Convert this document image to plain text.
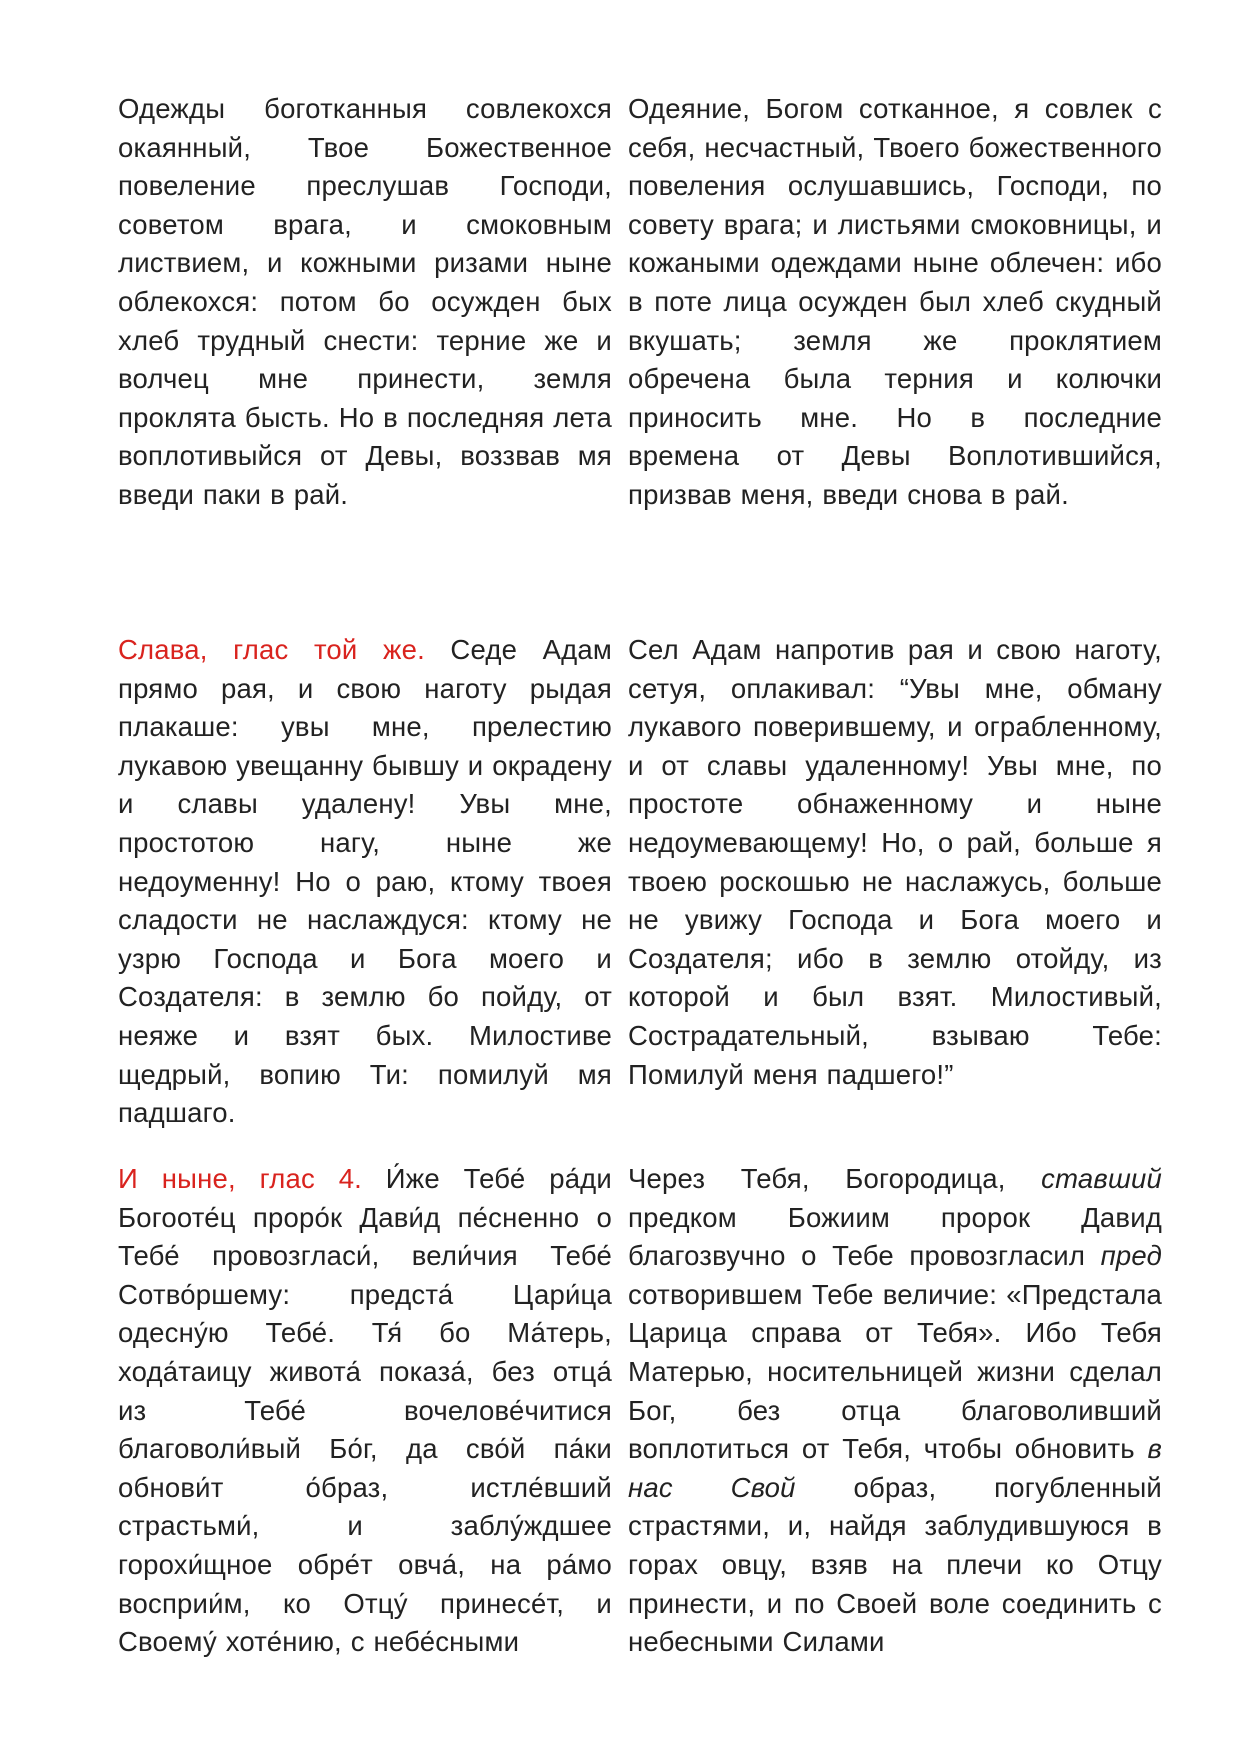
Одежды боготканныя совлекохся окаянный, Твое Божественное повеление преслушав Господи, советом врага, и смоковным листвием, и кожными ризами ныне облекохся: потом бо осужден бых хлеб трудный снести: терние же и волчец мне принести, земля проклята бысть. Но в последняя лета воплотивыйся от Девы, воззвав мя введи паки в рай.
Одеяние, Богом сотканное, я совлек с себя, несчастный, Твоего божественного повеления ослушавшись, Господи, по совету врага; и листьями смоковницы, и кожаными одеждами ныне облечен: ибо в поте лица осужден был хлеб скудный вкушать; земля же проклятием обречена была терния и колючки приносить мне. Но в последние времена от Девы Воплотившийся, призвав меня, введи снова в рай.
Слава, глас той же. Седе Адам прямо рая, и свою наготу рыдая плакаше: увы мне, прелестию лукавою увещанну бывшу и окрадену и славы удалену! Увы мне, простотою нагу, ныне же недоуменну! Но о раю, ктому твоея сладости не наслаждуся: ктому не узрю Господа и Бога моего и Создателя: в землю бо пойду, от неяже и взят бых. Милостиве щедрый, вопию Ти: помилуй мя падшаго.
Сел Адам напротив рая и свою наготу, сетуя, оплакивал: “Увы мне, обману лукавого поверившему, и ограбленному, и от славы удаленному! Увы мне, по простоте обнаженному и ныне недоумевающему! Но, о рай, больше я твоею роскошью не наслажусь, больше не увижу Господа и Бога моего и Создателя; ибо в землю отойду, из которой и был взят. Милостивый, Сострадательный, взываю Тебе: Помилуй меня падшего!”
И ныне, глас 4. И́же Тебе́ ра́ди Богооте́ц проро́к Дави́д пе́сненно о Тебе́ провозгласи́, вели́чия Тебе́ Сотво́ршему: предста́ Цари́ца одесну́ю Тебе́. Тя́ бо Ма́терь, хода́таицу живота́ показа́, без отца́ из Тебе́ вочелове́читися благоволи́вый Бо́г, да сво́й па́ки обнови́т о́браз, истле́вший страстьми́, и заблу́ждшее горохи́щное обре́т овча́, на ра́мо восприи́м, ко Отцу́ принесе́т, и Своему́ хоте́нию, с небе́сными
Через Тебя, Богородица, ставший предком Божиим пророк Давид благозвучно о Тебе провозгласил пред сотворившем Тебе величие: «Предстала Царица справа от Тебя». Ибо Тебя Матерью, носительницей жизни сделал Бог, без отца благоволивший воплотиться от Тебя, чтобы обновить в нас Свой образ, погубленный страстями, и, найдя заблудившуюся в горах овцу, взяв на плечи ко Отцу принести, и по Своей воле соединить с небесными Силами
